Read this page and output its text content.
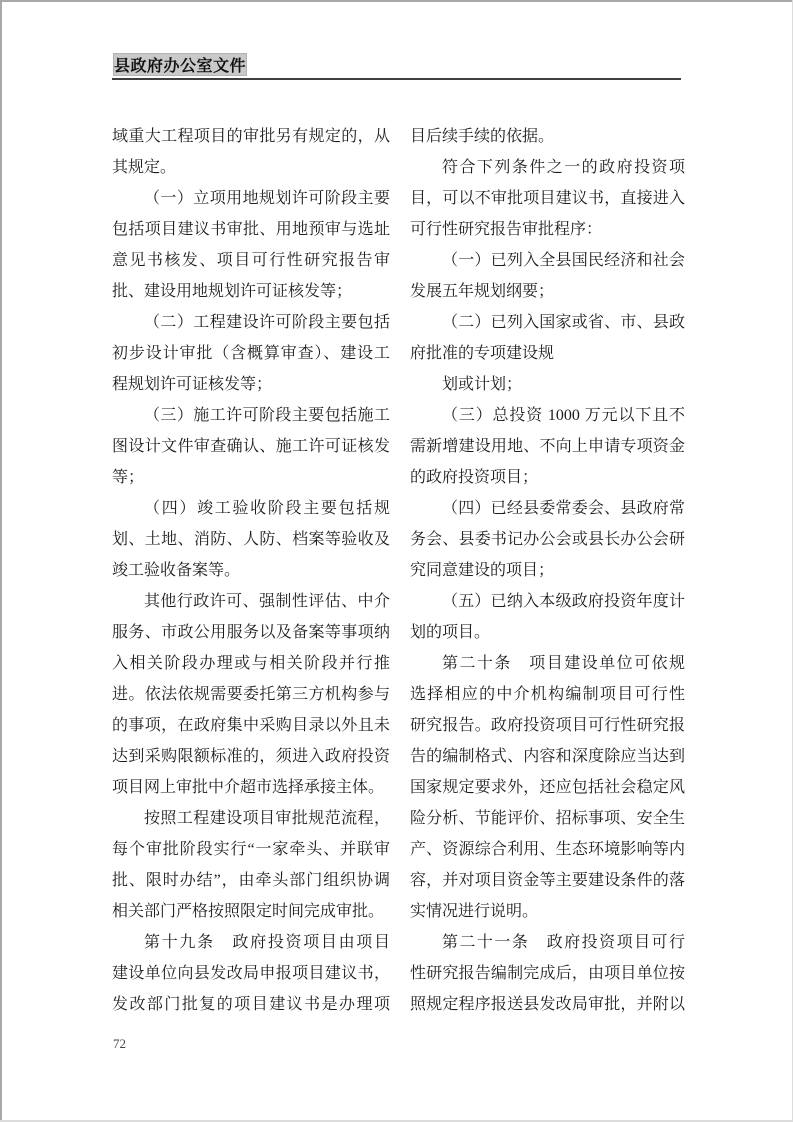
县政府办公室文件
域重大工程项目的审批另有规定的，从
其规定。
（一）立项用地规划许可阶段主要
包括项目建议书审批、用地预审与选址
意见书核发、项目可行性研究报告审
批、建设用地规划许可证核发等；
（二）工程建设许可阶段主要包括
初步设计审批（含概算审查）、建设工
程规划许可证核发等；
（三）施工许可阶段主要包括施工
图设计文件审查确认、施工许可证核发
等；
（四）竣工验收阶段主要包括规
划、土地、消防、人防、档案等验收及
竣工验收备案等。
其他行政许可、强制性评估、中介
服务、市政公用服务以及备案等事项纳
入相关阶段办理或与相关阶段并行推
进。依法依规需要委托第三方机构参与
的事项，在政府集中采购目录以外且未
达到采购限额标准的，须进入政府投资
项目网上审批中介超市选择承接主体。
按照工程建设项目审批规范流程，
每个审批阶段实行“一家牵头、并联审
批、限时办结”，由牵头部门组织协调
相关部门严格按照限定时间完成审批。
第十九条　政府投资项目由项目
建设单位向县发改局申报项目建议书，
发改部门批复的项目建议书是办理项
目后续手续的依据。
符合下列条件之一的政府投资项
目，可以不审批项目建议书，直接进入
可行性研究报告审批程序：
（一）已列入全县国民经济和社会
发展五年规划纲要；
（二）已列入国家或省、市、县政
府批准的专项建设规
划或计划；
（三）总投资 1000 万元以下且不
需新增建设用地、不向上申请专项资金
的政府投资项目；
（四）已经县委常委会、县政府常
务会、县委书记办公会或县长办公会研
究同意建设的项目；
（五）已纳入本级政府投资年度计
划的项目。
第二十条　项目建设单位可依规
选择相应的中介机构编制项目可行性
研究报告。政府投资项目可行性研究报
告的编制格式、内容和深度除应当达到
国家规定要求外，还应包括社会稳定风
险分析、节能评价、招标事项、安全生
产、资源综合利用、生态环境影响等内
容，并对项目资金等主要建设条件的落
实情况进行说明。
第二十一条　政府投资项目可行
性研究报告编制完成后，由项目单位按
照规定程序报送县发改局审批，并附以
72
